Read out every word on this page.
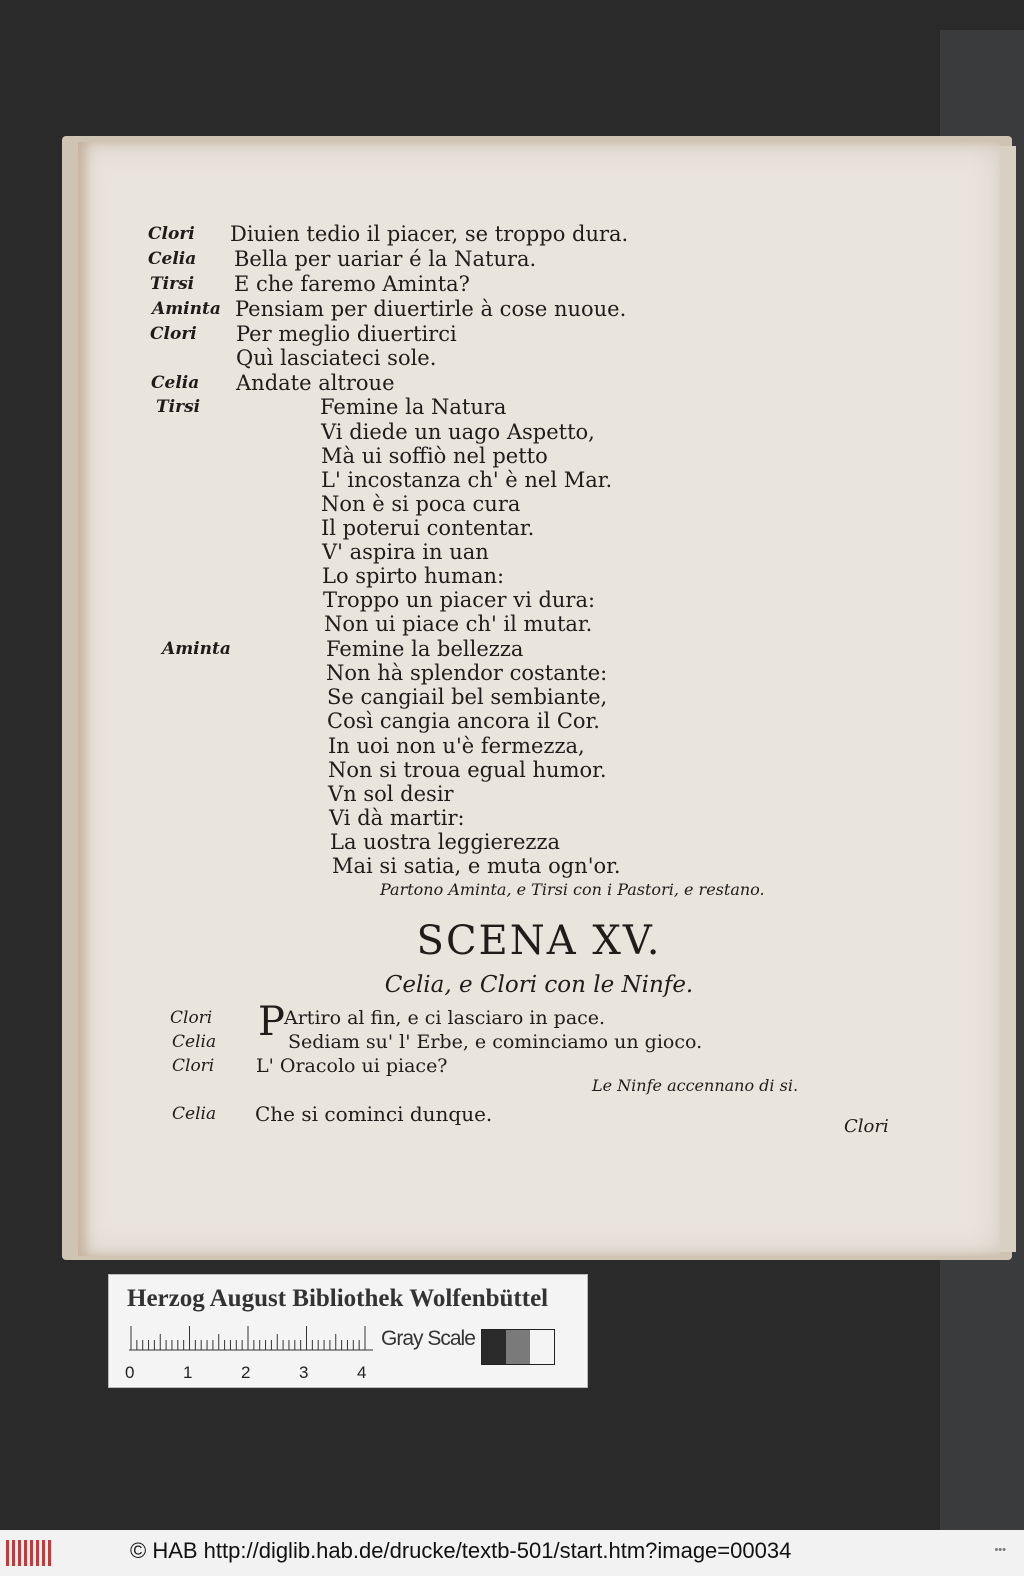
Clori Diuien tedio il piacer, se troppo dura.
Celia Bella per uariar é la Natura.
Tirsi E che faremo Aminta?
Aminta Pensiam per diuertirle à cose nuoue.
Clori Per meglio diuertirci
Quì lasciateci sole.
Celia Andate altroue
Tirsi	Femine la Natura
Vi diede un uago Aspetto,
Mà ui soffiò nel petto
L' incostanza ch' è nel Mar.
Non è si poca cura
Il poterui contentar.
V' aspira in uan
Lo spirto human:
Troppo un piacer vi dura:
Non ui piace ch' il mutar.
Aminta	Femine la bellezza
Non hà splendor costante:
Se cangiail bel sembiante,
Così cangia ancora il Cor.
In uoi non u'è fermezza,
Non si troua egual humor.
Vn sol desir
Vi dà martir:
La uostra leggierezza
Mai si satia, e muta ogn'or.
Partono Aminta, e Tirsi con i Pastori, e restano.
SCENA XV.
Celia, e Clori con le Ninfe.
Clori P Artiro al fin, e ci lasciaro in pace.
Celia	Sediam su' l' Erbe, e cominciamo un gioco.
Clori L' Oracolo ui piace?
Le Ninfe accennano di si.
Celia Che si cominci dunque.
Clori
Herzog August Bibliothek Wolfenbüttel
0	1	2	3	4
Gray Scale
© HAB http://diglib.hab.de/drucke/textb-501/start.htm?image=00034	•••
